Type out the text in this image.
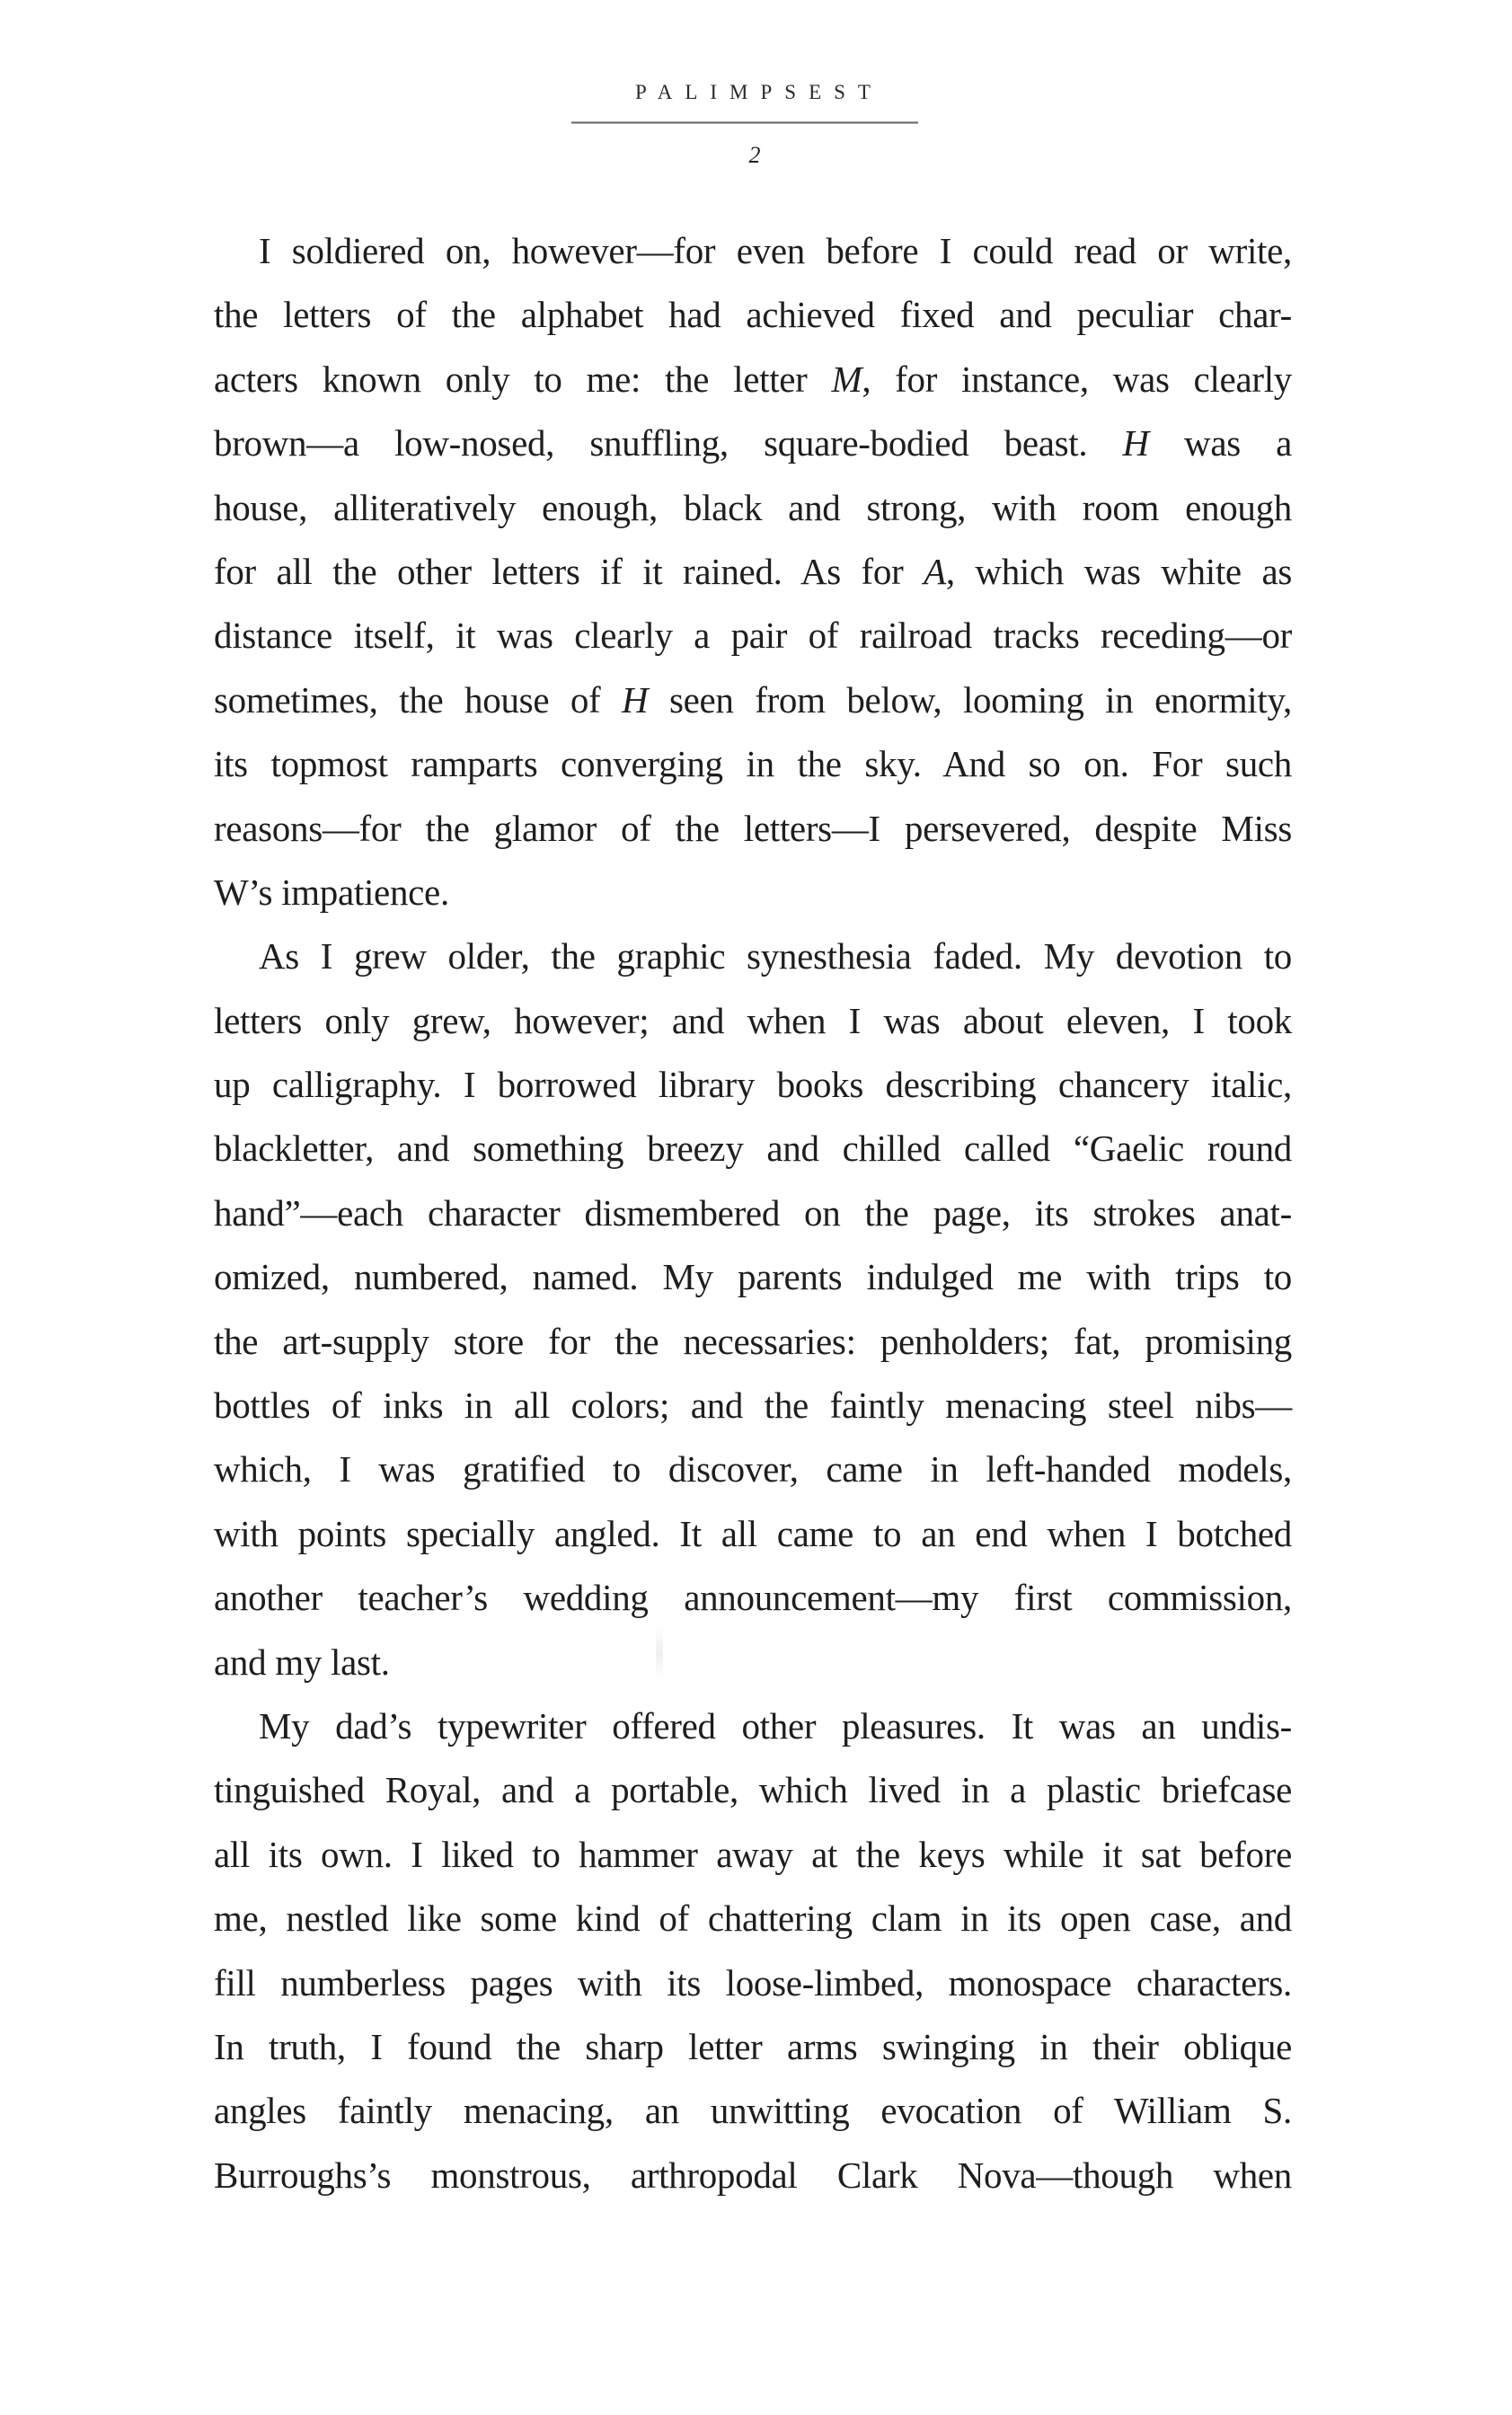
PALIMPSEST
2
I soldiered on, however—for even before I could read or write,
the letters of the alphabet had achieved fixed and peculiar char-
acters known only to me: the letter M, for instance, was clearly
brown—a low-nosed, snuffling, square-bodied beast. H was a
house, alliteratively enough, black and strong, with room enough
for all the other letters if it rained. As for A, which was white as
distance itself, it was clearly a pair of railroad tracks receding—or
sometimes, the house of H seen from below, looming in enormity,
its topmost ramparts converging in the sky. And so on. For such
reasons—for the glamor of the letters—I persevered, despite Miss
W’s impatience.
As I grew older, the graphic synesthesia faded. My devotion to
letters only grew, however; and when I was about eleven, I took
up calligraphy. I borrowed library books describing chancery italic,
blackletter, and something breezy and chilled called “Gaelic round
hand”—each character dismembered on the page, its strokes anat-
omized, numbered, named. My parents indulged me with trips to
the art-supply store for the necessaries: penholders; fat, promising
bottles of inks in all colors; and the faintly menacing steel nibs—
which, I was gratified to discover, came in left-handed models,
with points specially angled. It all came to an end when I botched
another teacher’s wedding announcement—my first commission,
and my last.
My dad’s typewriter offered other pleasures. It was an undis-
tinguished Royal, and a portable, which lived in a plastic briefcase
all its own. I liked to hammer away at the keys while it sat before
me, nestled like some kind of chattering clam in its open case, and
fill numberless pages with its loose-limbed, monospace characters.
In truth, I found the sharp letter arms swinging in their oblique
angles faintly menacing, an unwitting evocation of William S.
Burroughs’s monstrous, arthropodal Clark Nova—though when
